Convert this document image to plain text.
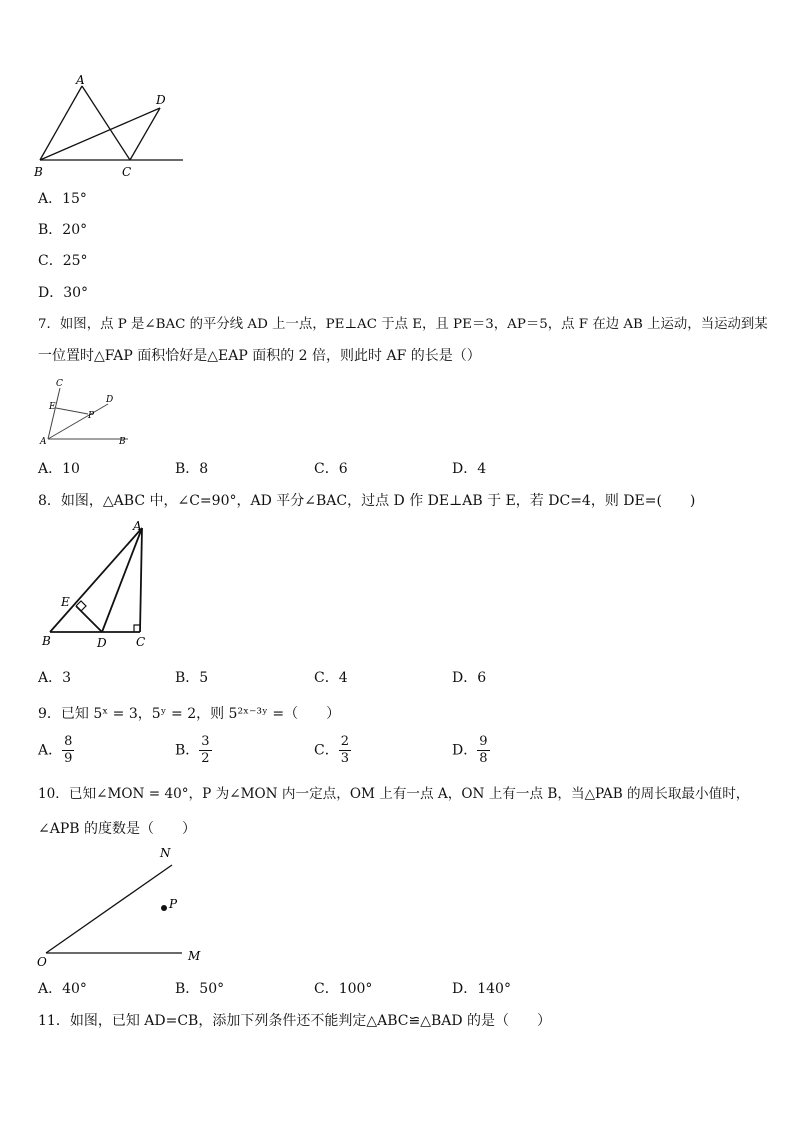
A
D
B	C
A．15°
B．20°
C．25°
D．30°
7．如图，点 P 是∠BAC 的平分线 AD 上一点，PE⊥AC 于点 E，且 PE＝3，AP＝5，点 F 在边 AB 上运动，当运动到某
一位置时△FAP 面积恰好是△EAP 面积的 2 倍，则此时 AF 的长是（）
C
E
D
P
A	B
A．10	B．8	C．6	D．4
8．如图，△ABC 中，∠C=90°，AD 平分∠BAC，过点 D 作 DE⊥AB 于 E，若 DC=4，则 DE=(　　)
A
E
B	D C
A．3	B．5	C．4	D．6
9．已知 5ˣ = 3，5ʸ = 2，则 5²ˣ⁻³ʸ =（　　）
A． $\frac{8}{9}$	B． $\frac{3}{2}$	C． $\frac{2}{3}$	D． $\frac{9}{8}$
10．已知∠MON = 40°，P 为∠MON 内一定点，OM 上有一点 A，ON 上有一点 B，当△PAB 的周长取最小值时，
∠APB 的度数是（　　）
N
P
O	M
A．40°	B．50°	C．100°	D．140°
11．如图，已知 AD=CB，添加下列条件还不能判定△ABC≌△BAD 的是（　　）
